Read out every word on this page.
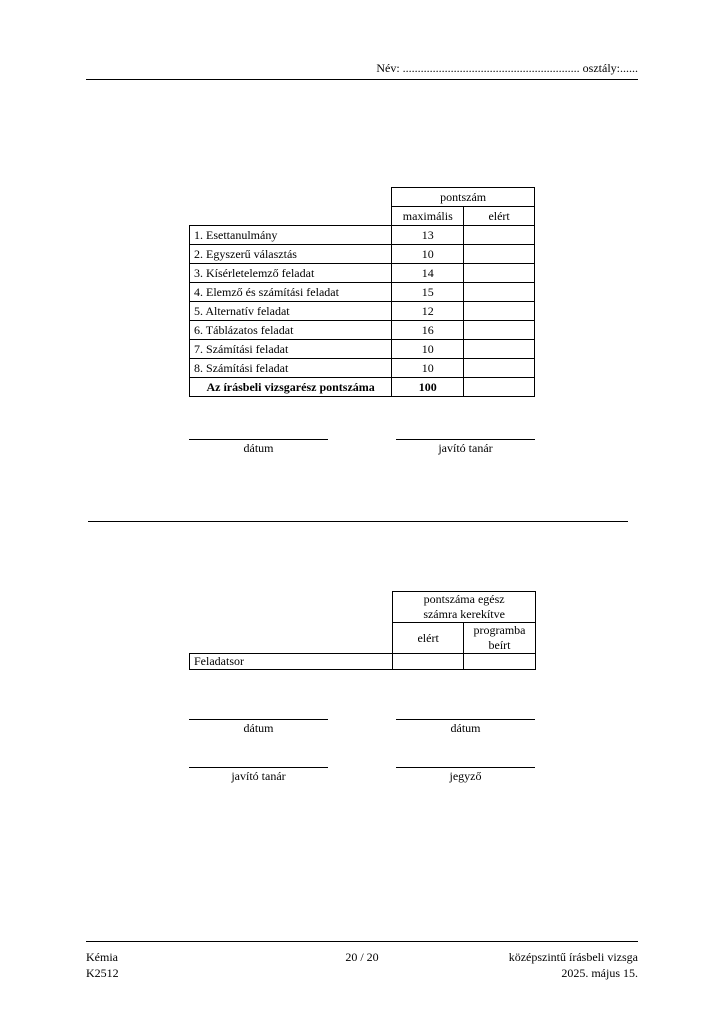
Név: ........................................................... osztály:......
	pontszám	
	maximális	elért
1. Esettanulmány	13	
2. Egyszerű választás	10	
3. Kísérletelemző feladat	14	
4. Elemző és számítási feladat	15	
5. Alternatív feladat	12	
6. Táblázatos feladat	16	
7. Számítási feladat	10	
8. Számítási feladat	10	
Az írásbeli vizsgarész pontszáma	100	
dátum	javító tanár
	pontszáma egész
számra kerekítve	
	elért	programba
beírt
Feladatsor		
dátum	dátum
javító tanár	jegyző
Kémia
K2512
20 / 20	középszintű írásbeli vizsga
2025. május 15.
